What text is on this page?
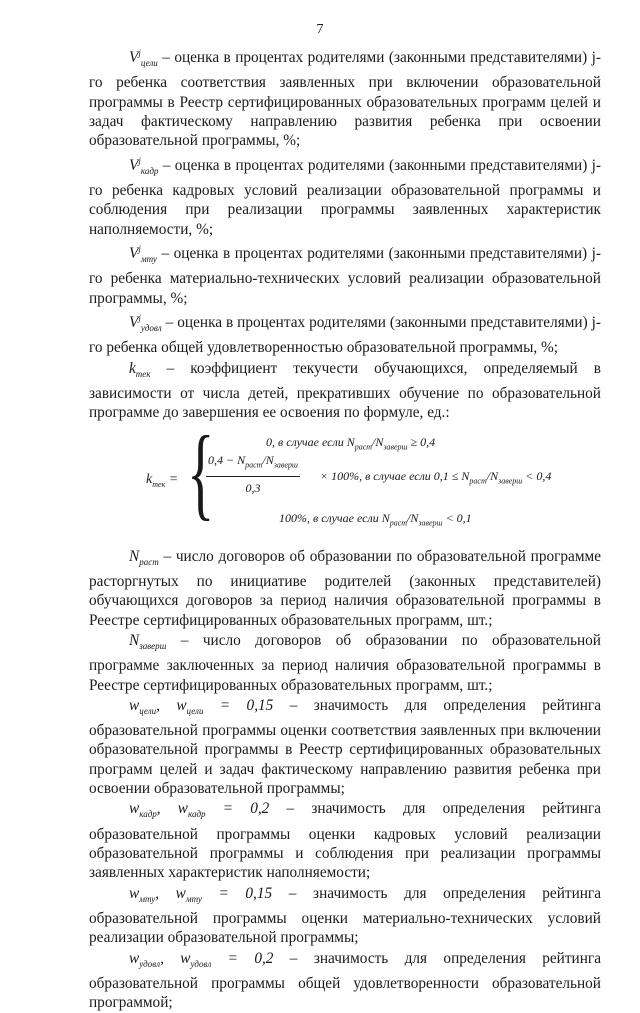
7

$V^j_{цели}$ – оценка в процентах родителями (законными представителями) j-го ребенка соответствия заявленных при включении образовательной программы в Реестр сертифицированных образовательных программ целей и задач фактическому направлению развития ребенка при освоении образовательной программы, %;

$V^j_{кадр}$ – оценка в процентах родителями (законными представителями) j-го ребенка кадровых условий реализации образовательной программы и соблюдения при реализации программы заявленных характеристик наполняемости, %;

$V^j_{мту}$ – оценка в процентах родителями (законными представителями) j-го ребенка материально-технических условий реализации образовательной программы, %;

$V^j_{удовл}$ – оценка в процентах родителями (законными представителями) j-го ребенка общей удовлетворенностью образовательной программы, %;

$k_{тек}$ – коэффициент текучести обучающихся, определяемый в зависимости от числа детей, прекративших обучение по образовательной программе до завершения ее освоения по формуле, ед.:

$k_{тек}$ = {	0, в случае если $N_{раст}/N_{заверш} \ge 0,4$
$0,4 - N_{раст}/N_{заверш}$
0,3
× 100%, в случае если $0,1 \le N_{раст}/N_{заверш} < 0,4$
100%, в случае если $N_{раст}/N_{заверш} < 0,1$

$N_{раст}$ – число договоров об образовании по образовательной программе расторгнутых по инициативе родителей (законных представителей) обучающихся договоров за период наличия образовательной программы в Реестре сертифицированных образовательных программ, шт.;

$N_{заверш}$ – число договоров об образовании по образовательной программе заключенных за период наличия образовательной программы в Реестре сертифицированных образовательных программ, шт.;

$w_{цели}$, $w_{цели} = 0,15$ – значимость для определения рейтинга образовательной программы оценки соответствия заявленных при включении образовательной программы в Реестр сертифицированных образовательных программ целей и задач фактическому направлению развития ребенка при освоении образовательной программы;

$w_{кадр}$, $w_{кадр} = 0,2$ – значимость для определения рейтинга образовательной программы оценки кадровых условий реализации образовательной программы и соблюдения при реализации программы заявленных характеристик наполняемости;

$w_{мту}$, $w_{мту} = 0,15$ – значимость для определения рейтинга образовательной программы оценки материально-технических условий реализации образовательной программы;

$w_{удовл}$, $w_{удовл} = 0,2$ – значимость для определения рейтинга образовательной программы общей удовлетворенности образовательной программой;
